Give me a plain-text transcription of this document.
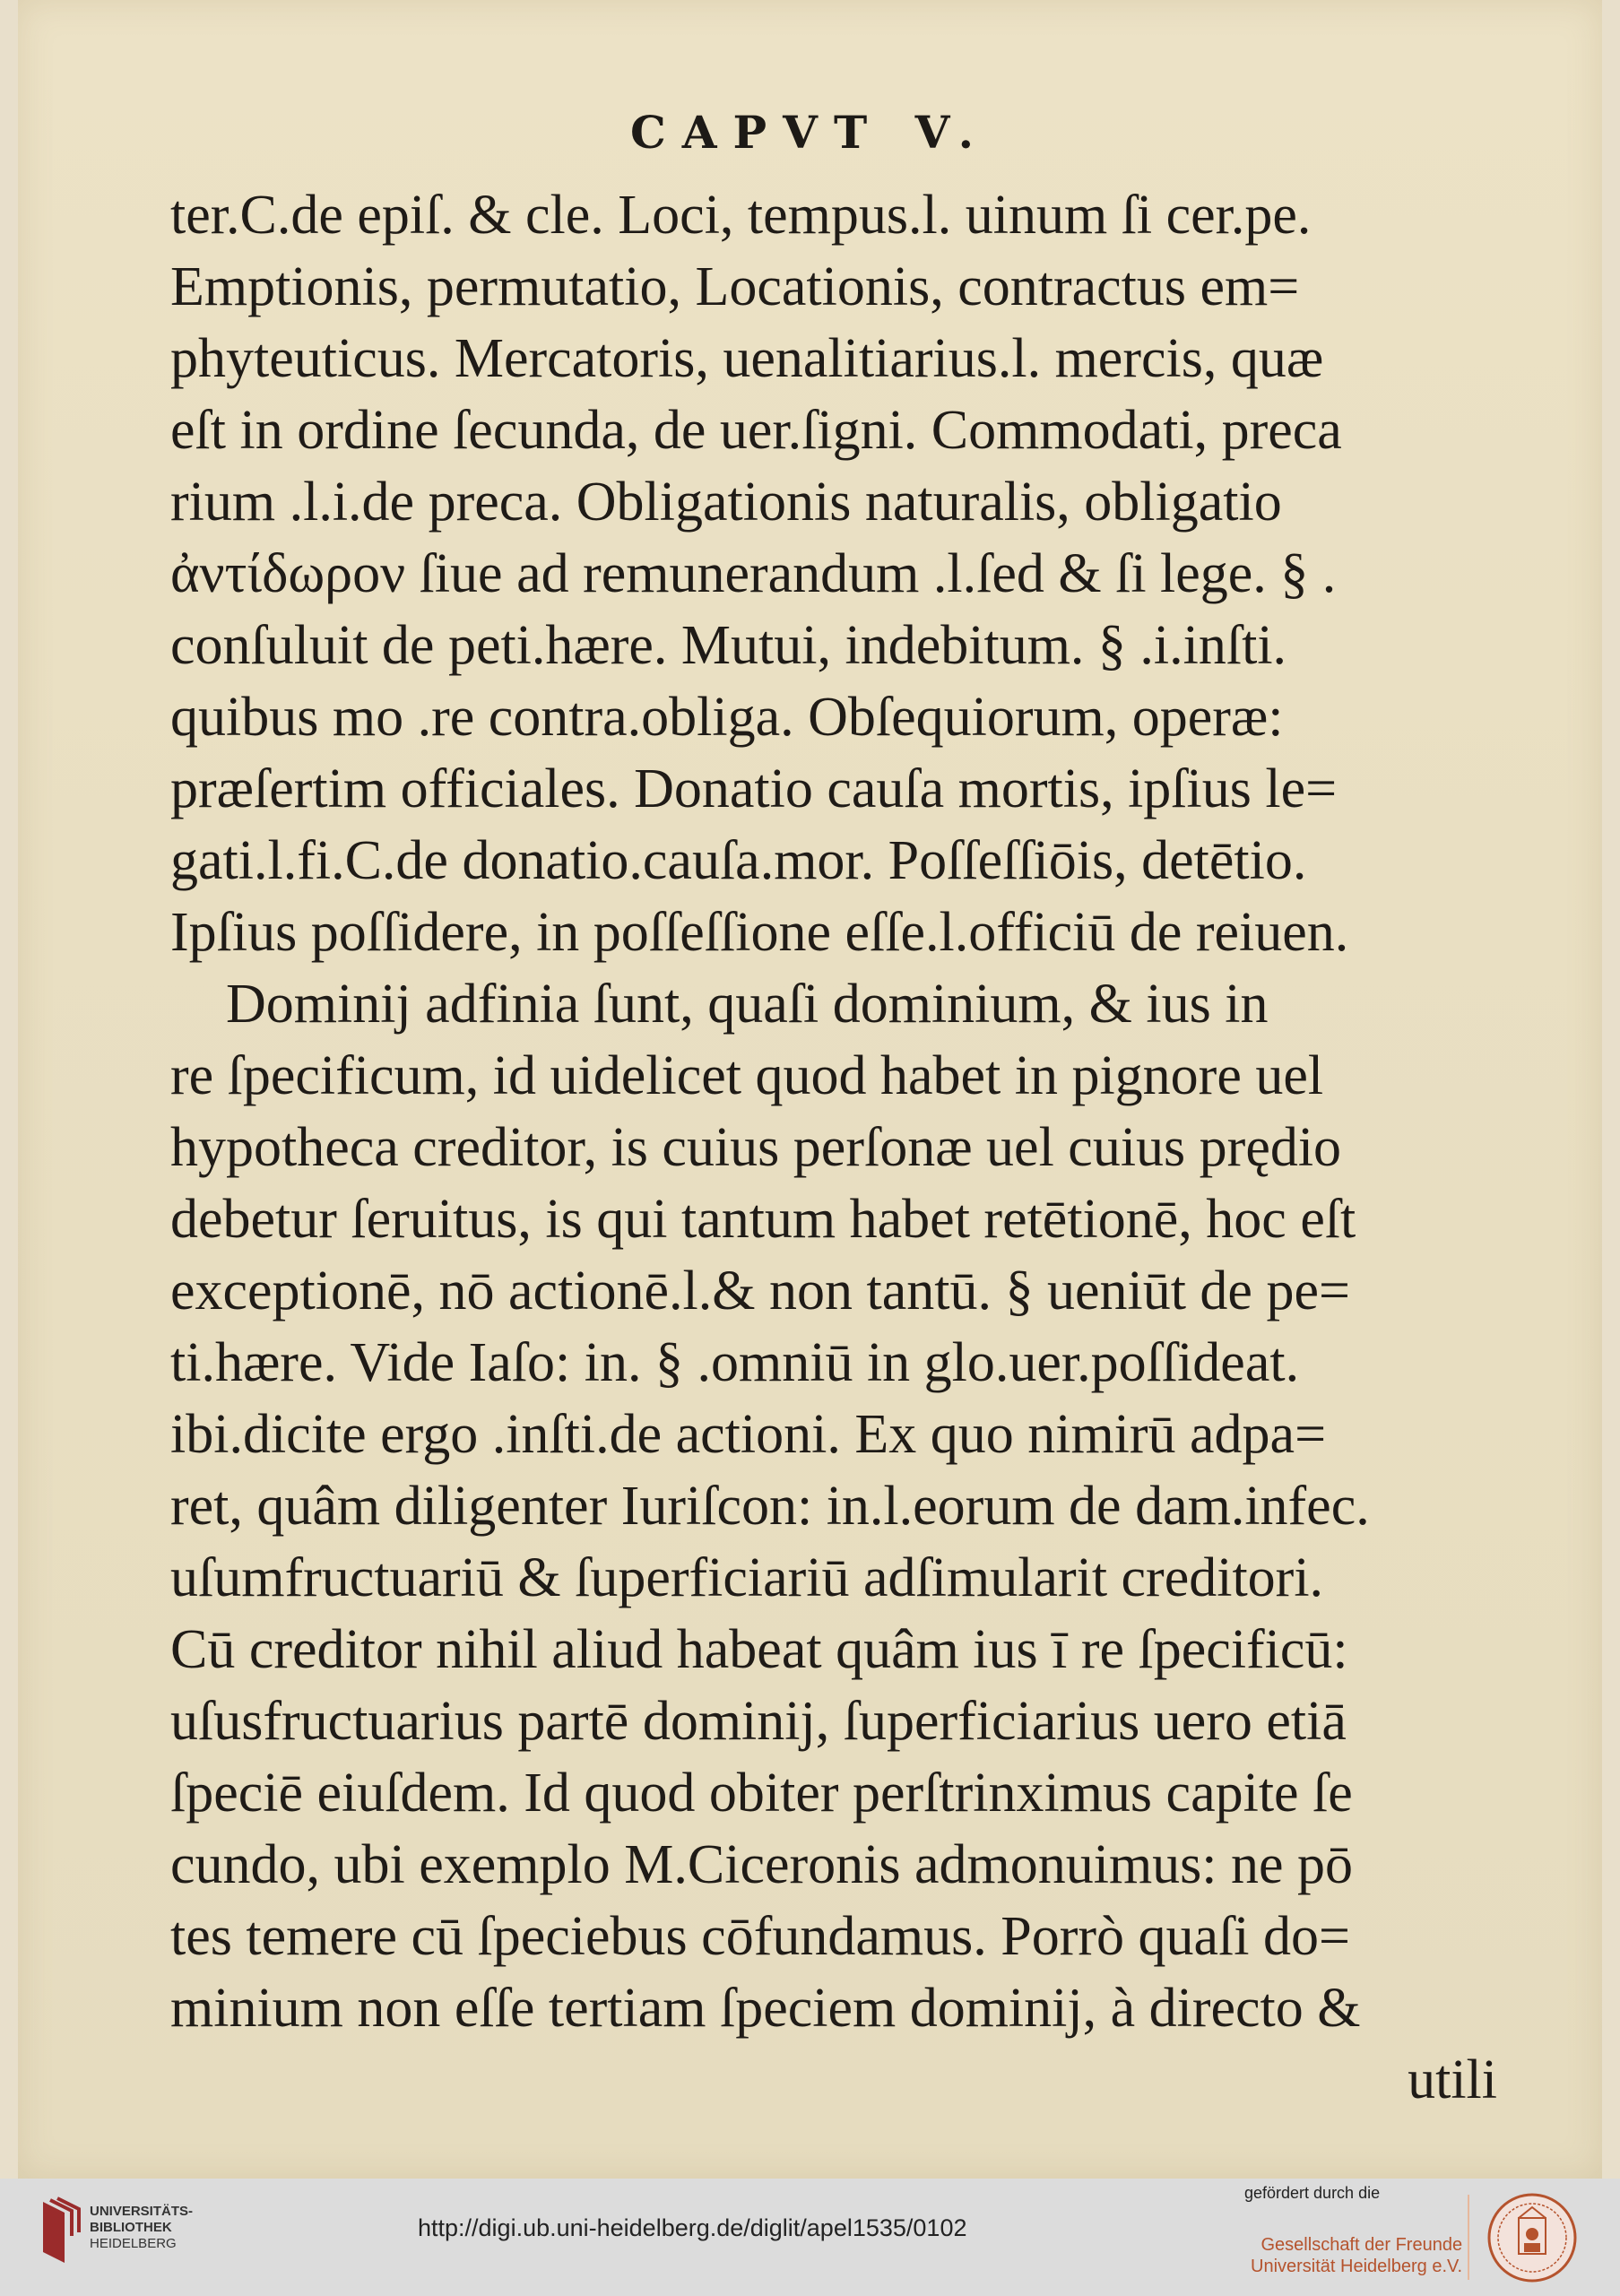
CAPVT V.
ter.C.de epiſ. & cle. Loci, tempus.l. uinum ſi cer.pe.
Emptionis, permutatio, Locationis, contractus em=
phyteuticus. Mercatoris, uenalitiarius.l. mercis, quæ
eſt in ordine ſecunda, de uer.ſigni. Commodati, preca
rium .l.i.de preca. Obligationis naturalis, obligatio
ἀντίδωρον ſiue ad remunerandum .l.ſed & ſi lege. § .
conſuluit de peti.hære. Mutui, indebitum. § .i.inſti.
quibus mo .re contra.obliga. Obſequiorum, operæ:
præſertim officiales. Donatio cauſa mortis, ipſius le=
gati.l.fi.C.de donatio.cauſa.mor. Poſſeſſiōis, detētio.
Ipſius poſſidere, in poſſeſſione eſſe.l.officiū de reiuen.
Dominij adfinia ſunt, quaſi dominium, & ius in
re ſpecificum, id uidelicet quod habet in pignore uel
hypotheca creditor, is cuius perſonæ uel cuius prędio
debetur ſeruitus, is qui tantum habet retētionē, hoc eſt
exceptionē, nō actionē.l.& non tantū. § ueniūt de pe=
ti.hære. Vide Iaſo: in. § .omniū in glo.uer.poſſideat.
ibi.dicite ergo .inſti.de actioni. Ex quo nimirū adpa=
ret, quâm diligenter Iuriſcon: in.l.eorum de dam.infec.
uſumfructuariū & ſuperficiariū adſimularit creditori.
Cū creditor nihil aliud habeat quâm ius ī re ſpecificū:
uſusfructuarius partē dominij, ſuperficiarius uero etiā
ſpeciē eiuſdem. Id quod obiter perſtrinximus capite ſe
cundo, ubi exemplo M.Ciceronis admonuimus: ne pō
tes temere cū ſpeciebus cōfundamus. Porrò quaſi do=
minium non eſſe tertiam ſpeciem dominij, à directo &
utili
UNIVERSITÄTS-
BIBLIOTHEK
HEIDELBERG
http://digi.ub.uni-heidelberg.de/diglit/apel1535/0102
gefördert durch die
Gesellschaft der Freunde
Universität Heidelberg e.V.
